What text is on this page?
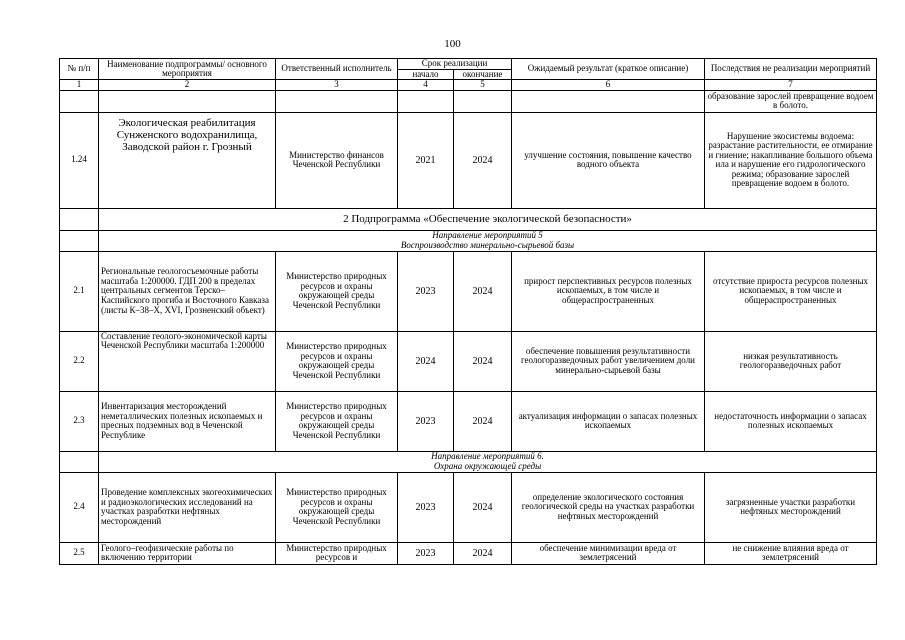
100
№ п/п	Наименование подпрограммы/ основного мероприятия	Ответственный исполнитель	Срок реализации		Ожидаемый результат (краткое описание)	Последствия не реализации мероприятий
			начало	окончание		
1	2	3	4	5	6	7
						образование зарослей превращение водоем в болото.
1.24	Экологическая реабилитация Сунженского водохранилища, Заводской район г. Грозный	Министерство финансов Чеченской Республики	2021	2024	улучшение состояния, повышение качество водного объекта	Нарушение экосистемы водоема: разрастание растительности, ее отмирание и гниение; накапливание большого объема ила и нарушение его гидрологического режима; образование зарослей превращение водоем в болото.
	2 Подпрограмма «Обеспечение экологической безопасности»					
	Направление мероприятий 5
Воспроизводство минерально-сырьевой базы					
2.1	Региональные геологосъемочные работы масштаба 1:200000. ГДП 200 в пределах центральных сегментов Терско–Каспийского прогиба и Восточного Кавказа (листы К–38–Х, XVI, Грозненский объект)	Министерство природных ресурсов и охраны окружающей среды Чеченской Республики	2023	2024	прирост перспективных ресурсов полезных ископаемых, в том числе и общераспространенных	отсутствие прироста ресурсов полезных ископаемых, в том числе и общераспространенных
2.2	Составление геолого-экономической карты Чеченской Республики масштаба 1:200000	Министерство природных ресурсов и охраны окружающей среды Чеченской Республики	2024	2024	обеспечение повышения результативности геологоразведочных работ увеличением доли минерально-сырьевой базы	низкая результативность геологоразведочных работ
2.3	Инвентаризация месторождений неметаллических полезных ископаемых и пресных подземных вод в Чеченской Республике	Министерство природных ресурсов и охраны окружающей среды Чеченской Республики	2023	2024	актуализация информации о запасах полезных ископаемых	недостаточность информации о запасах полезных ископаемых
	Направление мероприятий 6.
Охрана окружающей среды					
2.4	Проведение комплексных экогеохимических и радиоэкологических исследований на участках разработки нефтяных месторождений	Министерство природных ресурсов и охраны окружающей среды Чеченской Республики	2023	2024	определение экологического состояния геологической среды на участках разработки нефтяных месторождений	загрязненные участки разработки нефтяных месторождений
2.5	Геолого–геофизические работы по включению территории	Министерство природных ресурсов и	2023	2024	обеспечение минимизации вреда от землетрясений	не снижение влияния вреда от землетрясений
